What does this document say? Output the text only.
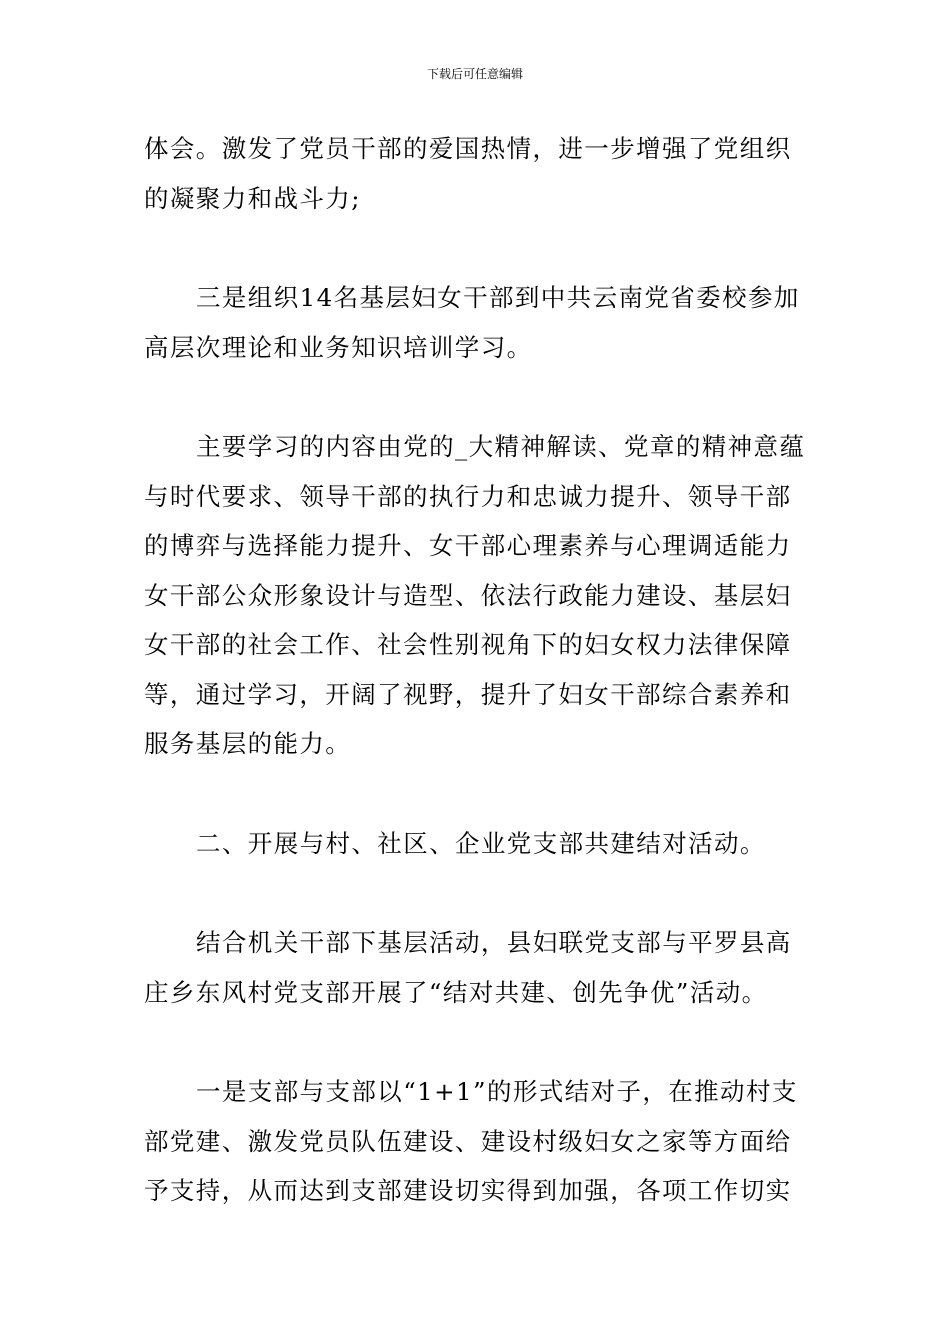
下载后可任意编辑
体会。激发了党员干部的爱国热情，进一步增强了党组织
的凝聚力和战斗力;
三是组织14名基层妇女干部到中共云南党省委校参加
高层次理论和业务知识培训学习。
主要学习的内容由党的_大精神解读、党章的精神意蕴
与时代要求、领导干部的执行力和忠诚力提升、领导干部
的博弈与选择能力提升、女干部心理素养与心理调适能力
女干部公众形象设计与造型、依法行政能力建设、基层妇
女干部的社会工作、社会性别视角下的妇女权力法律保障
等，通过学习，开阔了视野，提升了妇女干部综合素养和
服务基层的能力。
二、开展与村、社区、企业党支部共建结对活动。
结合机关干部下基层活动，县妇联党支部与平罗县高
庄乡东风村党支部开展了“结对共建、创先争优”活动。
一是支部与支部以“1+1”的形式结对子，在推动村支
部党建、激发党员队伍建设、建设村级妇女之家等方面给
予支持，从而达到支部建设切实得到加强，各项工作切实
